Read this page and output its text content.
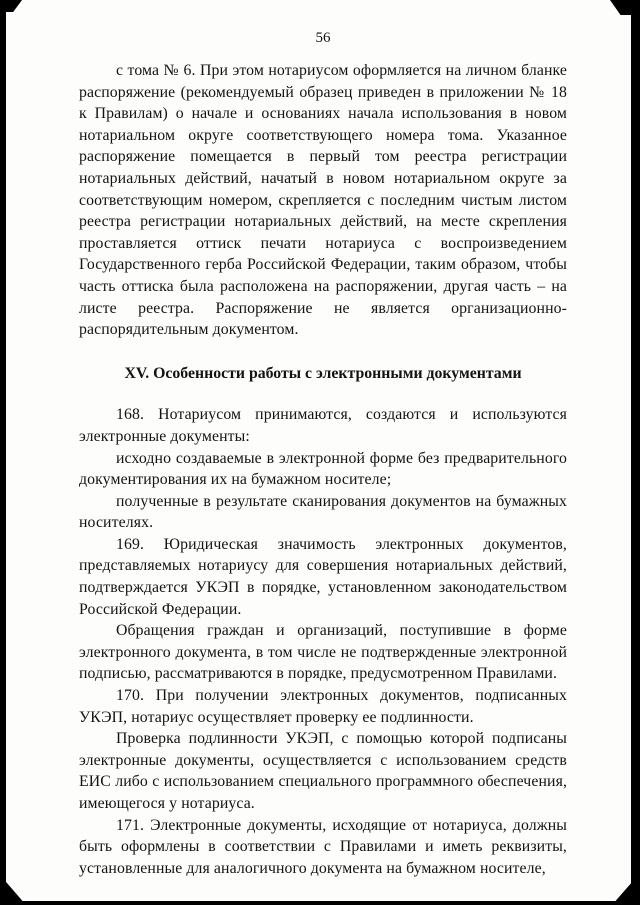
56

с тома № 6. При этом нотариусом оформляется на личном бланке распоряжение (рекомендуемый образец приведен в приложении № 18 к Правилам) о начале и основаниях начала использования в новом нотариальном округе соответствующего номера тома. Указанное распоряжение помещается в первый том реестра регистрации нотариальных действий, начатый в новом нотариальном округе за соответствующим номером, скрепляется с последним чистым листом реестра регистрации нотариальных действий, на месте скрепления проставляется оттиск печати нотариуса с воспроизведением Государственного герба Российской Федерации, таким образом, чтобы часть оттиска была расположена на распоряжении, другая часть – на листе реестра. Распоряжение не является организационно-распорядительным документом.

XV. Особенности работы с электронными документами

168. Нотариусом принимаются, создаются и используются электронные документы:

исходно создаваемые в электронной форме без предварительного документирования их на бумажном носителе;

полученные в результате сканирования документов на бумажных носителях.

169. Юридическая значимость электронных документов, представляемых нотариусу для совершения нотариальных действий, подтверждается УКЭП в порядке, установленном законодательством Российской Федерации.

Обращения граждан и организаций, поступившие в форме электронного документа, в том числе не подтвержденные электронной подписью, рассматриваются в порядке, предусмотренном Правилами.

170. При получении электронных документов, подписанных УКЭП, нотариус осуществляет проверку ее подлинности.

Проверка подлинности УКЭП, с помощью которой подписаны электронные документы, осуществляется с использованием средств ЕИС либо с использованием специального программного обеспечения, имеющегося у нотариуса.

171. Электронные документы, исходящие от нотариуса, должны быть оформлены в соответствии с Правилами и иметь реквизиты, установленные для аналогичного документа на бумажном носителе,
